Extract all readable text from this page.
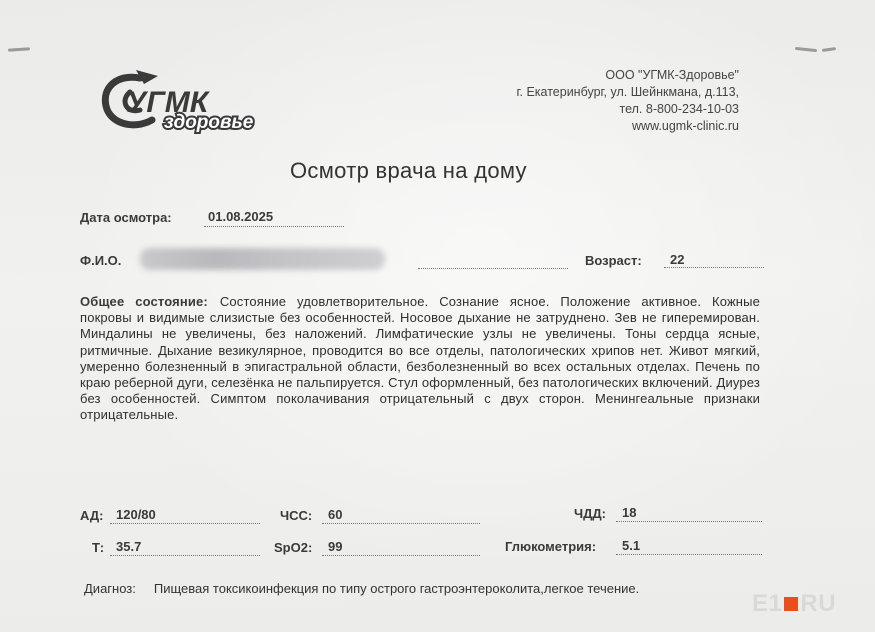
УГМК
здоровье
ООО "УГМК-Здоровье"
г. Екатеринбург, ул. Шейнкмана, д.113,
тел. 8-800-234-10-03
www.ugmk-clinic.ru
Осмотр врача на дому
Дата осмотра:	01.08.2025
Ф.И.О.	Возраст: 22
Общее состояние: Состояние удовлетворительное. Сознание ясное. Положение активное. Кожные покровы и видимые слизистые без особенностей. Носовое дыхание не затруднено. Зев не гиперемирован. Миндалины не увеличены, без наложений. Лимфатические узлы не увеличены. Тоны сердца ясные, ритмичные. Дыхание везикулярное, проводится во все отделы, патологических хрипов нет. Живот мягкий, умеренно болезненный в эпигастральной области, безболезненный во всех остальных отделах. Печень по краю реберной дуги, селезёнка не пальпируется. Стул оформленный, без патологических включений. Диурез без особенностей. Симптом поколачивания отрицательный с двух сторон. Менингеальные признаки отрицательные.
АД: 120/80	ЧСС: 60	ЧДД: 18
Т: 35.7	SpO2: 99	Глюкометрия: 5.1
Диагноз: Пищевая токсикоинфекция по типу острого гастроэнтероколита,легкое течение.
E1 RU
